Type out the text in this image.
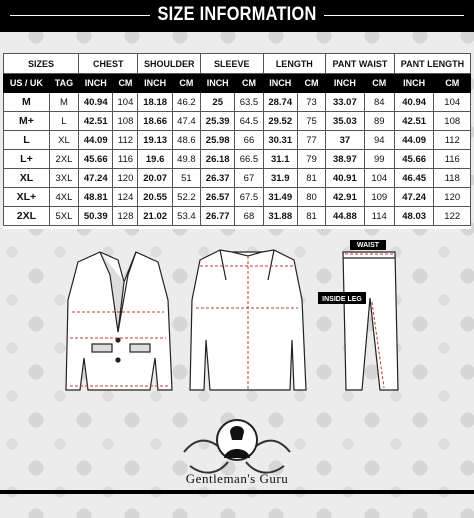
SIZE INFORMATION
SIZES		CHEST		SHOULDER		SLEEVE		LENGTH		PANT WAIST		PANT LENGTH	
US / UK	TAG	INCH	CM	INCH	CM	INCH	CM	INCH	CM	INCH	CM	INCH	CM
M	M	40.94	104	18.18	46.2	25	63.5	28.74	73	33.07	84	40.94	104
M+	L	42.51	108	18.66	47.4	25.39	64.5	29.52	75	35.03	89	42.51	108
L	XL	44.09	112	19.13	48.6	25.98	66	30.31	77	37	94	44.09	112
L+	2XL	45.66	116	19.6	49.8	26.18	66.5	31.1	79	38.97	99	45.66	116
XL	3XL	47.24	120	20.07	51	26.37	67	31.9	81	40.91	104	46.45	118
XL+	4XL	48.81	124	20.55	52.2	26.57	67.5	31.49	80	42.91	109	47.24	120
2XL	5XL	50.39	128	21.02	53.4	26.77	68	31.88	81	44.88	114	48.03	122
WAIST
INSIDE LEG
Gentleman's Guru
